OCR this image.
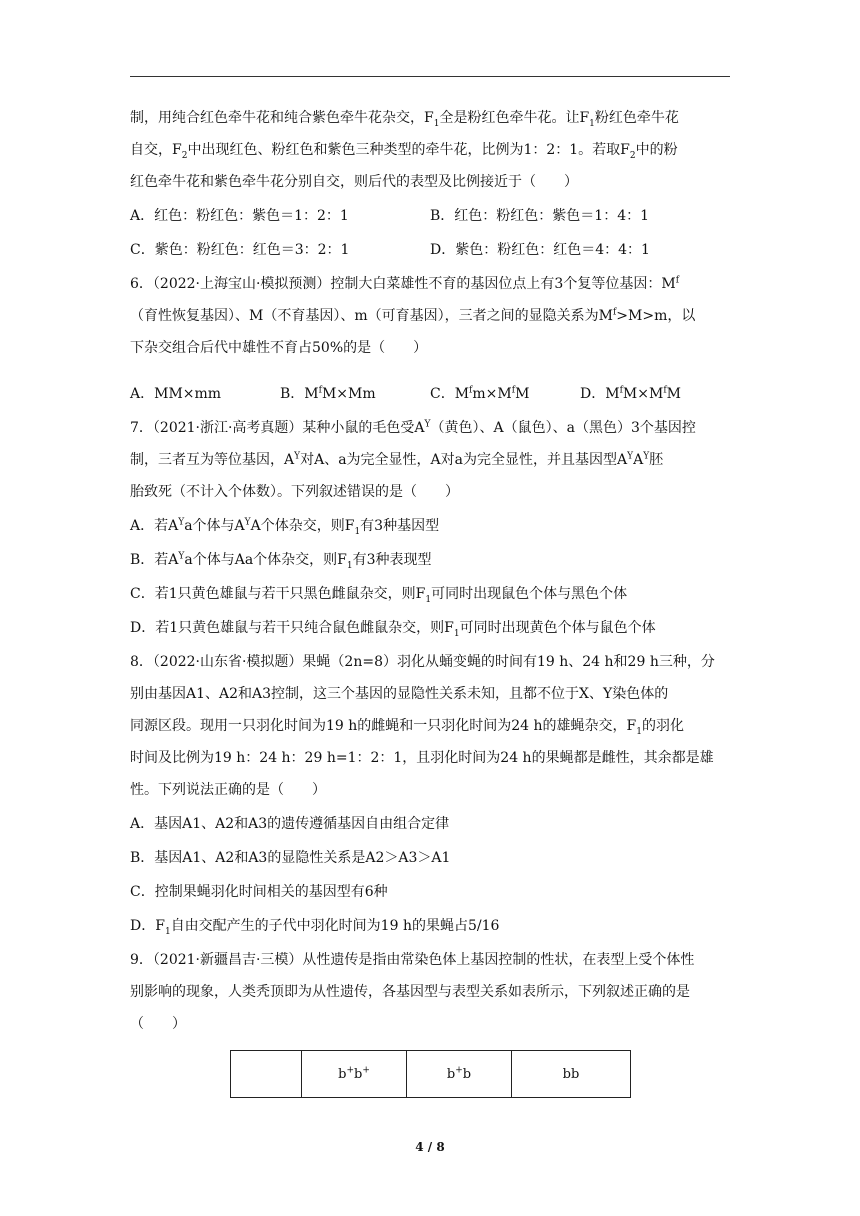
制，用纯合红色牵牛花和纯合紫色牵牛花杂交，$F_1$全是粉红色牵牛花。让$F_1$粉红色牵牛花
自交，$F_2$中出现红色、粉红色和紫色三种类型的牵牛花，比例为1：2：1。若取$F_2$中的粉
红色牵牛花和紫色牵牛花分别自交，则后代的表型及比例接近于（　　）
A．红色：粉红色：紫色＝1：2：1	B．红色：粉红色：紫色＝1：4：1
C．紫色：粉红色：红色＝3：2：1	D．紫色：粉红色：红色＝4：4：1
6．（2022·上海宝山·模拟预测）控制大白菜雄性不育的基因位点上有3个复等位基因：$M^f$
（育性恢复基因）、M（不育基因）、m（可育基因），三者之间的显隐关系为$M^f>M>m$，以
下杂交组合后代中雄性不育占50%的是（　　）
A．MM×mm	B．$M^fM\times Mm$	C．$M^fm\times M^fM$	D．$M^fM\times M^fM$
7．（2021·浙江·高考真题）某种小鼠的毛色受$A^Y$（黄色）、A（鼠色）、a（黑色）3个基因控
制，三者互为等位基因，$A^Y$对A、a为完全显性，A对a为完全显性，并且基因型$A^YA^Y$胚
胎致死（不计入个体数）。下列叙述错误的是（　　）
A．若$A^Ya$个体与$A^YA$个体杂交，则$F_1$有3种基因型
B．若$A^Ya$个体与Aa个体杂交，则$F_1$有3种表现型
C．若1只黄色雄鼠与若干只黑色雌鼠杂交，则$F_1$可同时出现鼠色个体与黑色个体
D．若1只黄色雄鼠与若干只纯合鼠色雌鼠杂交，则$F_1$可同时出现黄色个体与鼠色个体
8．（2022·山东省·模拟题）果蝇（2n=8）羽化从蛹变蝇的时间有19 h、24 h和29 h三种，分
别由基因A1、A2和A3控制，这三个基因的显隐性关系未知，且都不位于X、Y染色体的
同源区段。现用一只羽化时间为19 h的雌蝇和一只羽化时间为24 h的雄蝇杂交，$F_1$的羽化
时间及比例为19 h：24 h：29 h=1：2：1，且羽化时间为24 h的果蝇都是雌性，其余都是雄
性。下列说法正确的是（　　）
A．基因A1、A2和A3的遗传遵循基因自由组合定律
B．基因A1、A2和A3的显隐性关系是A2＞A3＞A1
C．控制果蝇羽化时间相关的基因型有6种
D．$F_1$自由交配产生的子代中羽化时间为19 h的果蝇占5/16
9．（2021·新疆昌吉·三模）从性遗传是指由常染色体上基因控制的性状，在表型上受个体性
别影响的现象，人类秃顶即为从性遗传，各基因型与表型关系如表所示，下列叙述正确的是
（　　）
	b+b+	b+b	bb
4 / 8
